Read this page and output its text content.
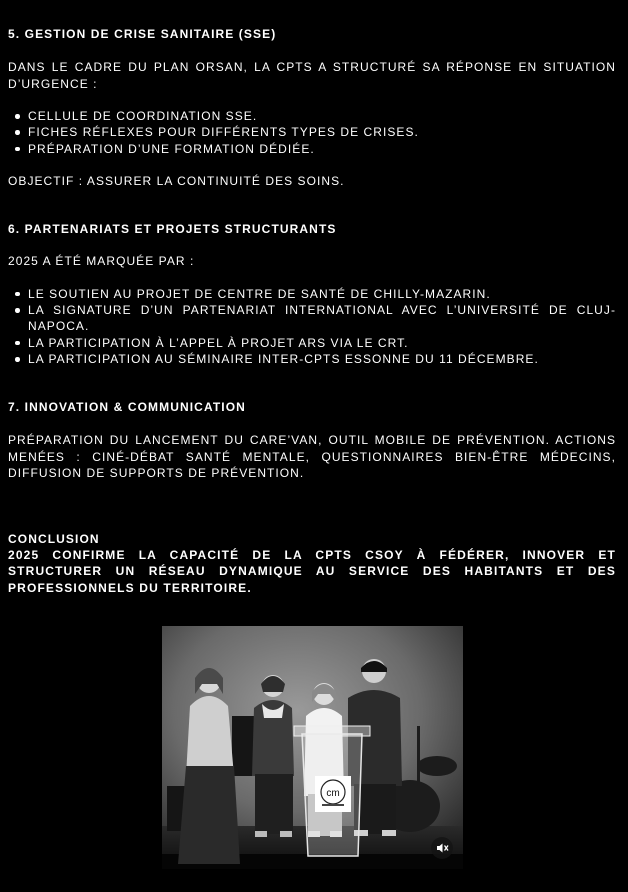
5. GESTION DE CRISE SANITAIRE (SSE)

DANS LE CADRE DU PLAN ORSAN, LA CPTS A STRUCTURÉ SA RÉPONSE EN SITUATION D’URGENCE :

CELLULE DE COORDINATION SSE.
FICHES RÉFLEXES POUR DIFFÉRENTS TYPES DE CRISES.
PRÉPARATION D’UNE FORMATION DÉDIÉE.

OBJECTIF : ASSURER LA CONTINUITÉ DES SOINS.

6. PARTENARIATS ET PROJETS STRUCTURANTS

2025 A ÉTÉ MARQUÉE PAR :

LE SOUTIEN AU PROJET DE CENTRE DE SANTÉ DE CHILLY-MAZARIN.
LA SIGNATURE D’UN PARTENARIAT INTERNATIONAL AVEC L’UNIVERSITÉ DE CLUJ-NAPOCA.
LA PARTICIPATION À L’APPEL À PROJET ARS VIA LE CRT.
LA PARTICIPATION AU SÉMINAIRE INTER-CPTS ESSONNE DU 11 DÉCEMBRE.
7. INNOVATION & COMMUNICATION

PRÉPARATION DU LANCEMENT DU CARE’VAN, OUTIL MOBILE DE PRÉVENTION. ACTIONS MENÉES : CINÉ-DÉBAT SANTÉ MENTALE, QUESTIONNAIRES BIEN-ÊTRE MÉDECINS, DIFFUSION DE SUPPORTS DE PRÉVENTION.

CONCLUSION

2025 CONFIRME LA CAPACITÉ DE LA CPTS CSOY À FÉDÉRER, INNOVER ET STRUCTURER UN RÉSEAU DYNAMIQUE AU SERVICE DES HABITANTS ET DES PROFESSIONNELS DU TERRITOIRE.

cm
